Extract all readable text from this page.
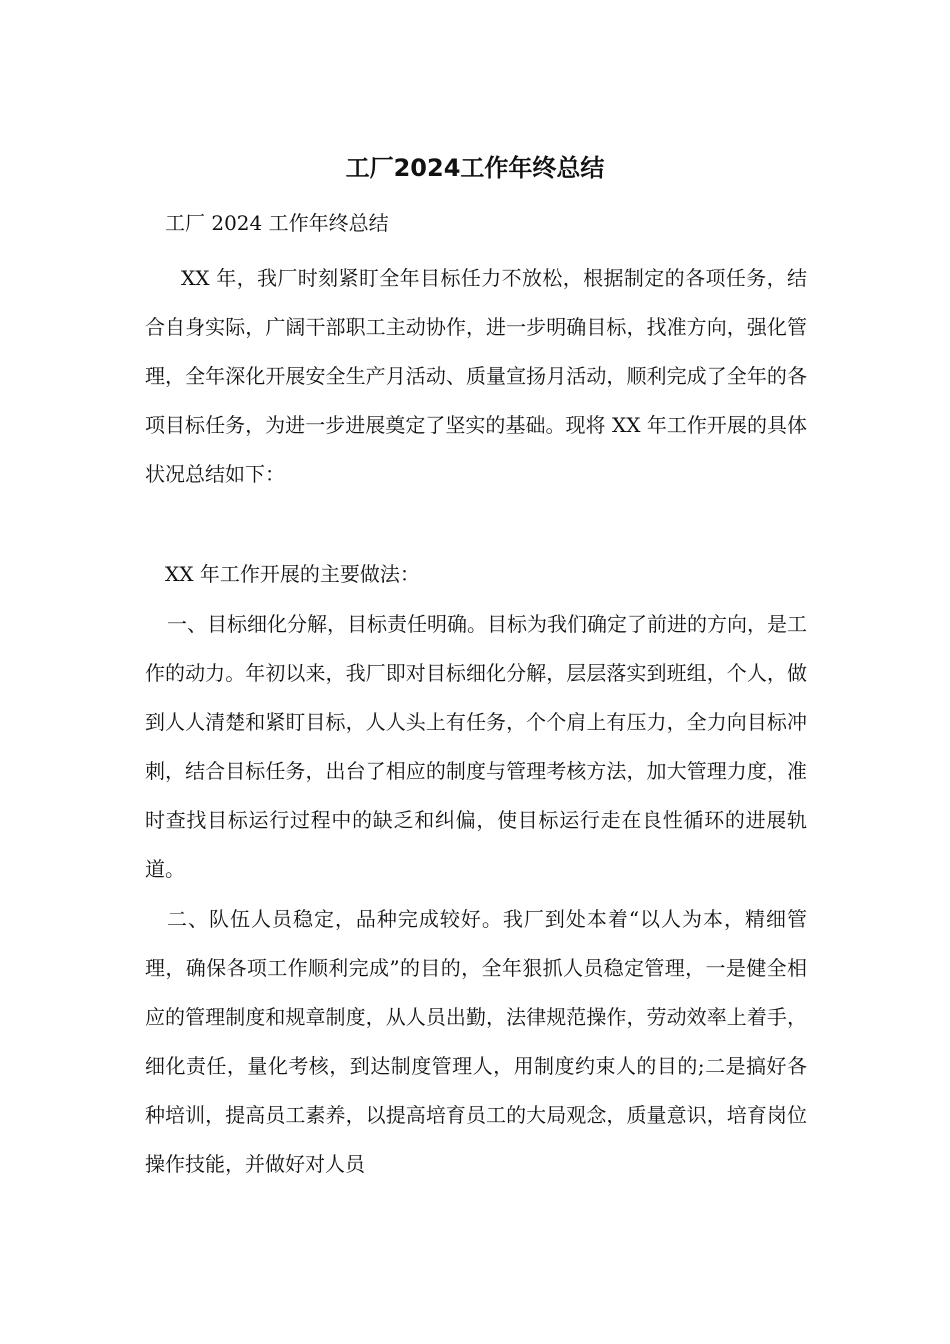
工厂2024工作年终总结

工厂 2024 工作年终总结

XX 年，我厂时刻紧盯全年目标任力不放松，根据制定的各项任务，结合自身实际，广阔干部职工主动协作，进一步明确目标，找准方向，强化管理，全年深化开展安全生产月活动、质量宣扬月活动，顺利完成了全年的各项目标任务，为进一步进展奠定了坚实的基础。现将 XX 年工作开展的具体状况总结如下：

XX 年工作开展的主要做法：

一、目标细化分解，目标责任明确。目标为我们确定了前进的方向，是工作的动力。年初以来，我厂即对目标细化分解，层层落实到班组，个人，做到人人清楚和紧盯目标，人人头上有任务，个个肩上有压力，全力向目标冲刺，结合目标任务，出台了相应的制度与管理考核方法，加大管理力度，准时查找目标运行过程中的缺乏和纠偏，使目标运行走在良性循环的进展轨道。

二、队伍人员稳定，品种完成较好。我厂到处本着“以人为本，精细管理，确保各项工作顺利完成”的目的，全年狠抓人员稳定管理，一是健全相应的管理制度和规章制度，从人员出勤，法律规范操作，劳动效率上着手，细化责任，量化考核，到达制度管理人，用制度约束人的目的;二是搞好各种培训，提高员工素养，以提高培育员工的大局观念，质量意识，培育岗位操作技能，并做好对人员
